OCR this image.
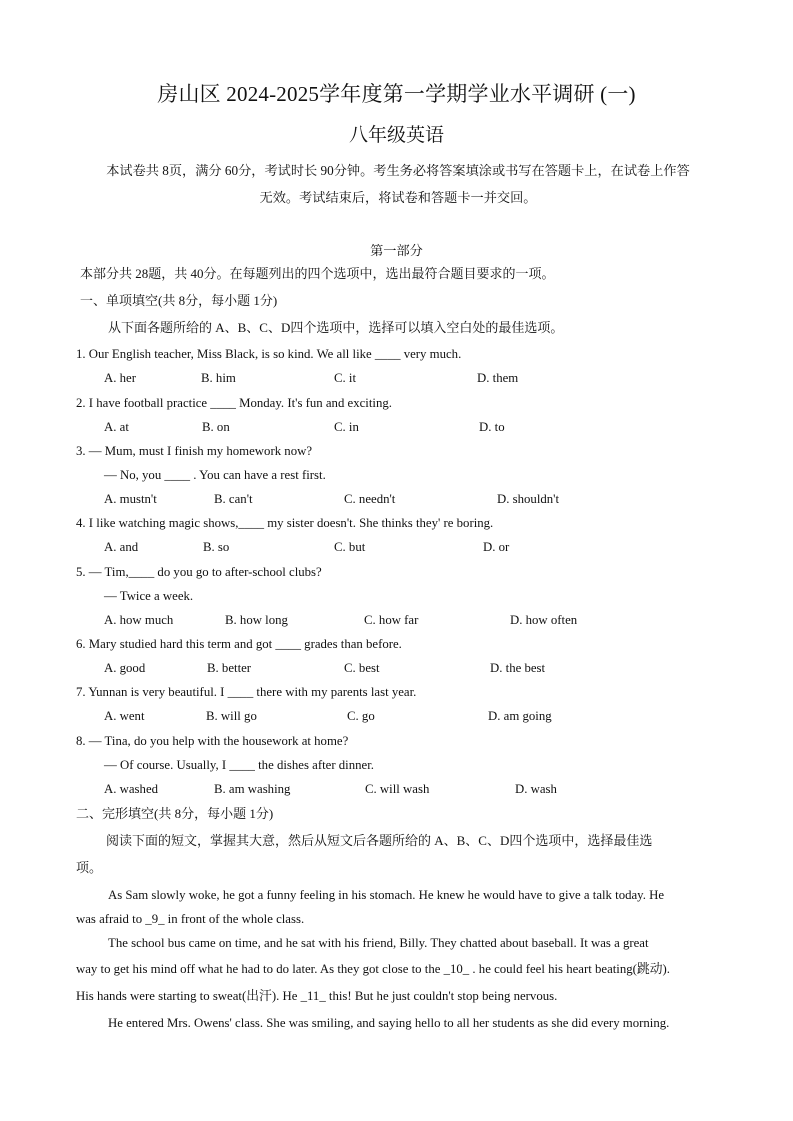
房山区 2024-2025学年度第一学期学业水平调研 (一)
八年级英语
本试卷共 8页，满分 60分，考试时长 90分钟。考生务必将答案填涂或书写在答题卡上，在试卷上作答
无效。考试结束后，将试卷和答题卡一并交回。
第一部分
本部分共 28题，共 40分。在每题列出的四个选项中，选出最符合题目要求的一项。
一、单项填空(共 8分，每小题 1分)
从下面各题所给的 A、B、C、D四个选项中，选择可以填入空白处的最佳选项。
1. Our English teacher, Miss Black, is so kind. We all like ____ very much.
A. her	B. him	C. it	D. them
2. I have football practice ____ Monday. It's fun and exciting.
A. at	B. on	C. in	D. to
3. — Mum, must I finish my homework now?
— No, you ____ . You can have a rest first.
A. mustn't	B. can't	C. needn't	D. shouldn't
4. I like watching magic shows,____ my sister doesn't. She thinks they' re boring.
A. and	B. so	C. but	D. or
5. — Tim,____ do you go to after-school clubs?
— Twice a week.
A. how much	B. how long	C. how far	D. how often
6. Mary studied hard this term and got ____ grades than before.
A. good	B. better	C. best	D. the best
7. Yunnan is very beautiful. I ____ there with my parents last year.
A. went	B. will go	C. go	D. am going
8. — Tina, do you help with the housework at home?
— Of course. Usually, I ____ the dishes after dinner.
A. washed	B. am washing	C. will wash	D. wash
二、完形填空(共 8分，每小题 1分)
阅读下面的短文，掌握其大意，然后从短文后各题所给的 A、B、C、D四个选项中，选择最佳选
项。
As Sam slowly woke, he got a funny feeling in his stomach. He knew he would have to give a talk today. He
was afraid to _9_ in front of the whole class.
The school bus came on time, and he sat with his friend, Billy. They chatted about baseball. It was a great
way to get his mind off what he had to do later. As they got close to the _10_ . he could feel his heart beating(跳动).
His hands were starting to sweat(出汗). He _11_ this! But he just couldn't stop being nervous.
He entered Mrs. Owens' class. She was smiling, and saying hello to all her students as she did every morning.
